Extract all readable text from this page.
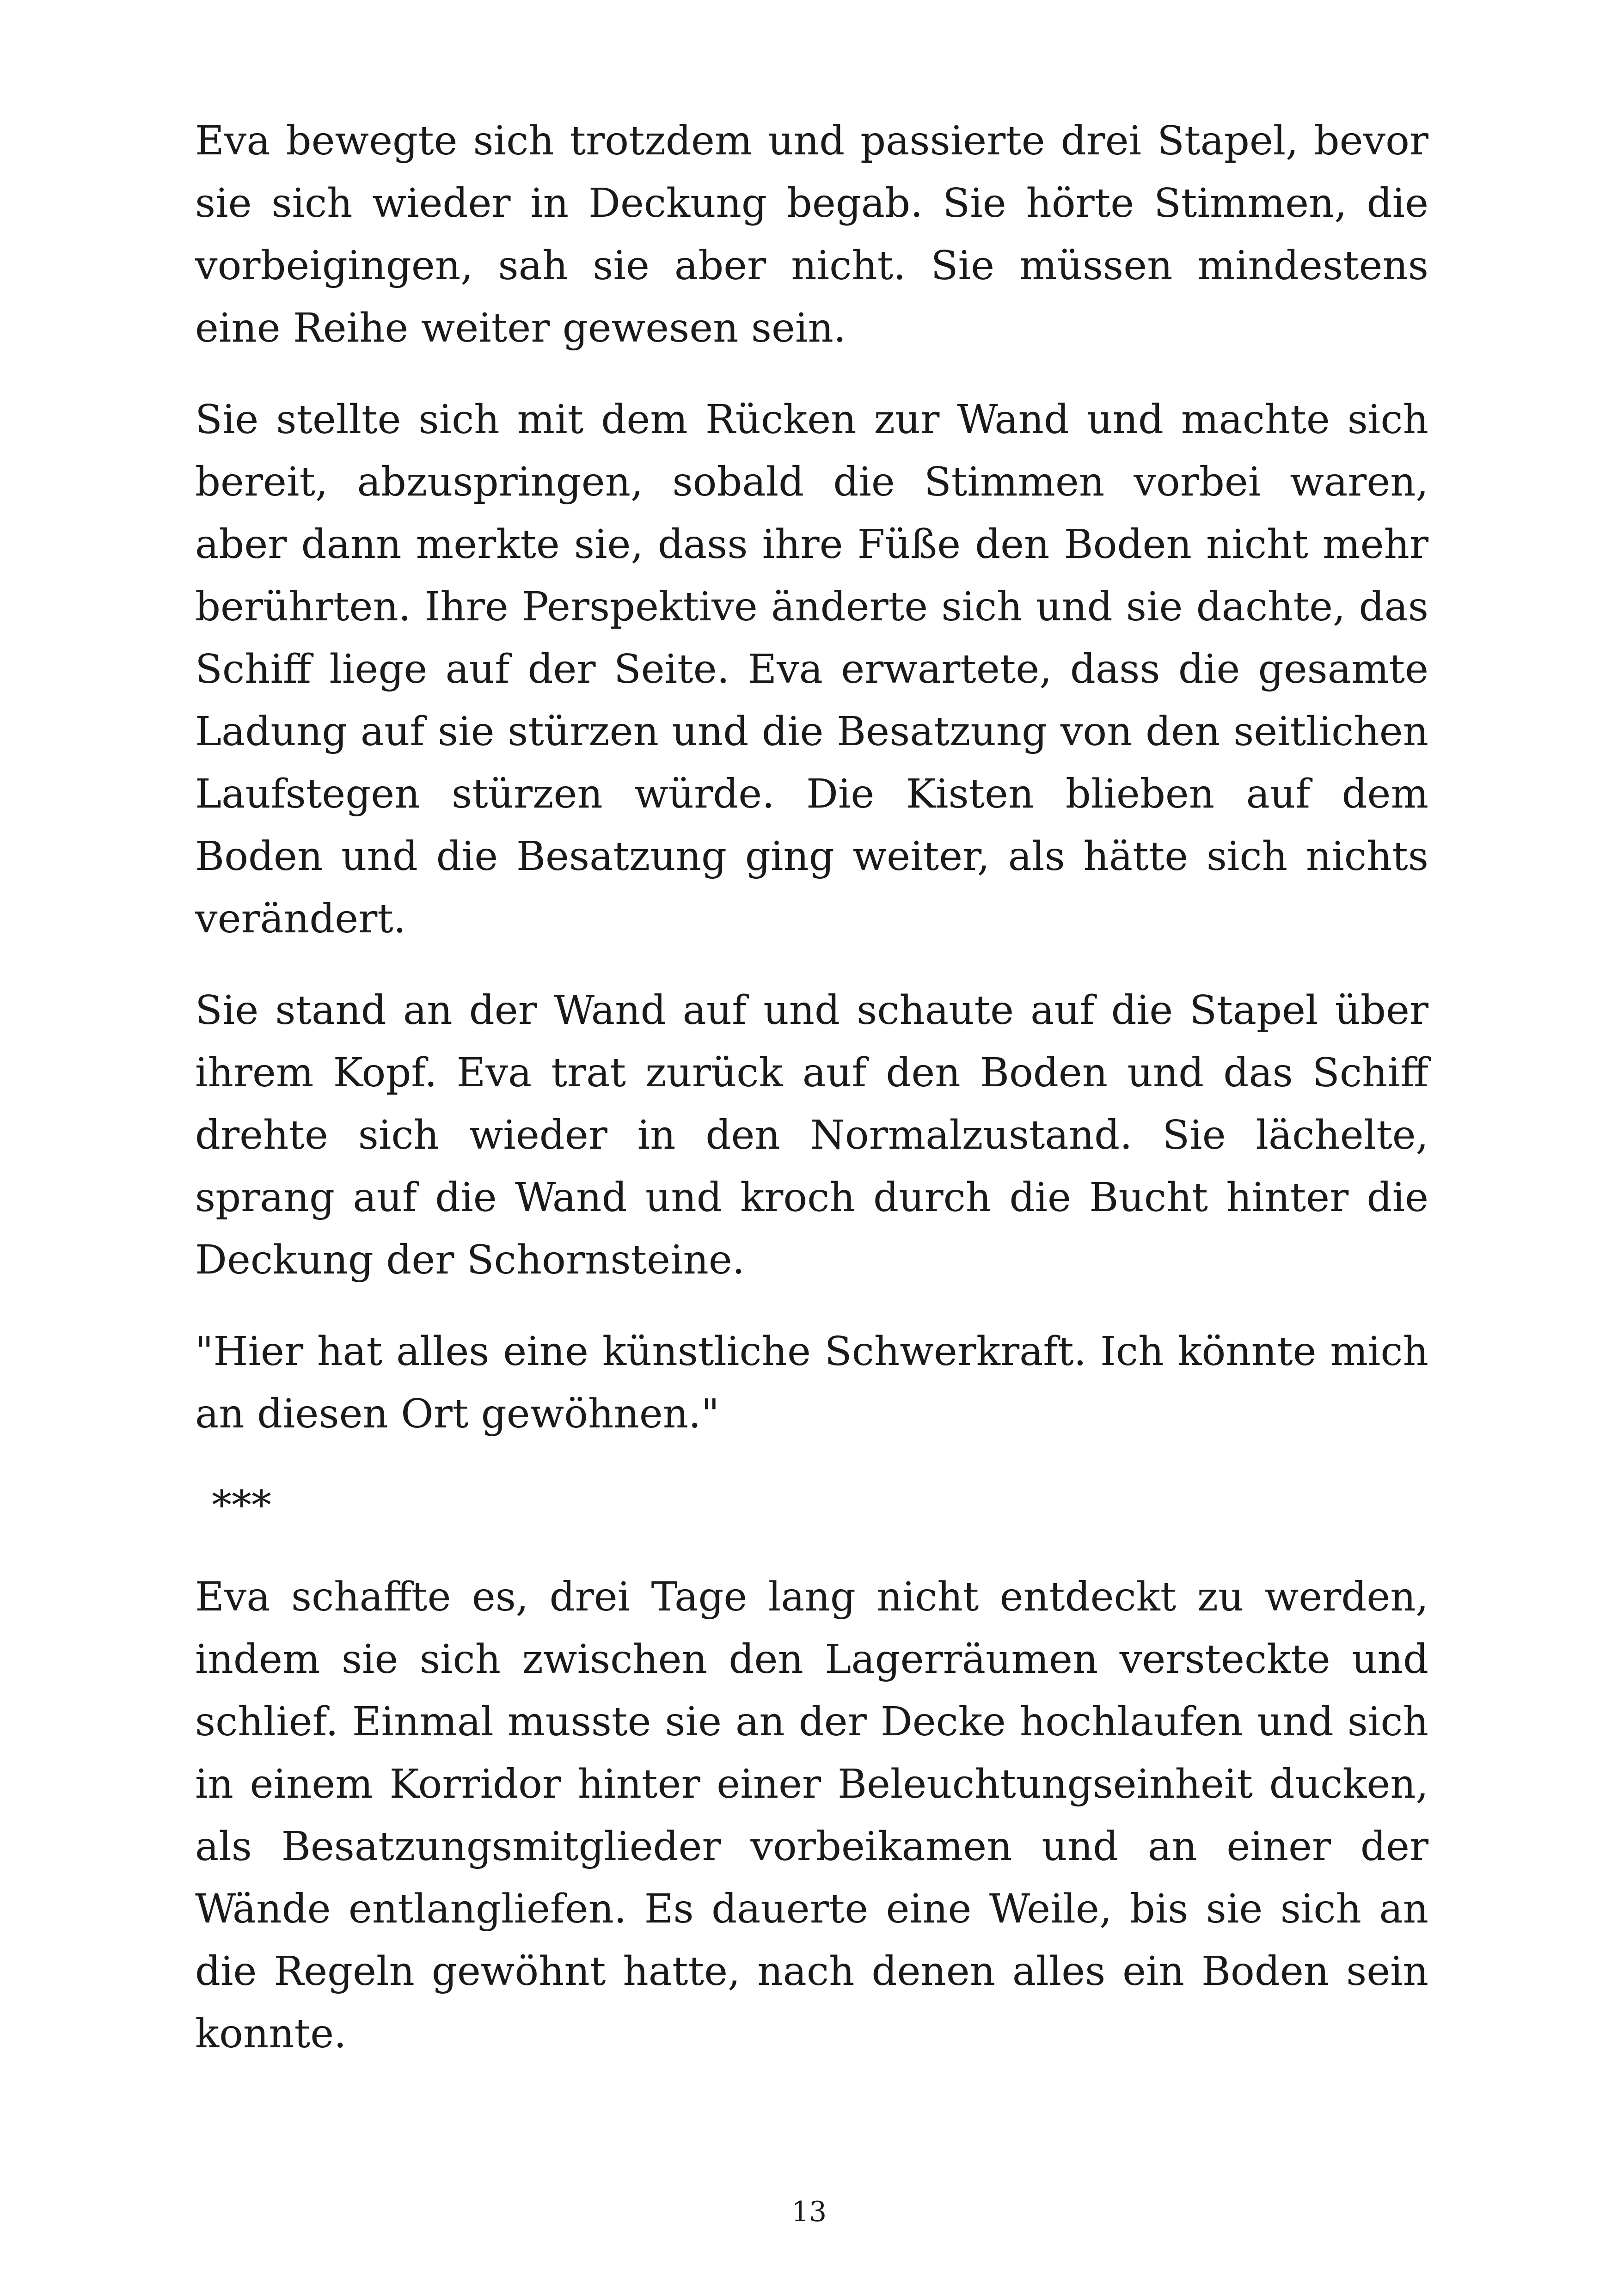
Eva bewegte sich trotzdem und passierte drei Stapel, bevor sie sich wieder in Deckung begab. Sie hörte Stimmen, die vorbeigingen, sah sie aber nicht. Sie müssen mindestens eine Reihe weiter gewesen sein.

Sie stellte sich mit dem Rücken zur Wand und machte sich bereit, abzuspringen, sobald die Stimmen vorbei waren, aber dann merkte sie, dass ihre Füße den Boden nicht mehr berührten. Ihre Perspektive änderte sich und sie dachte, das Schiff liege auf der Seite. Eva erwartete, dass die gesamte Ladung auf sie stürzen und die Besatzung von den seitlichen Laufstegen stürzen würde. Die Kisten blieben auf dem Boden und die Besatzung ging weiter, als hätte sich nichts verändert.

Sie stand an der Wand auf und schaute auf die Stapel über ihrem Kopf. Eva trat zurück auf den Boden und das Schiff drehte sich wieder in den Normalzustand. Sie lächelte, sprang auf die Wand und kroch durch die Bucht hinter die Deckung der Schornsteine.

"Hier hat alles eine künstliche Schwerkraft. Ich könnte mich an diesen Ort gewöhnen."

***

Eva schaffte es, drei Tage lang nicht entdeckt zu werden, indem sie sich zwischen den Lagerräumen versteckte und schlief. Einmal musste sie an der Decke hochlaufen und sich in einem Korridor hinter einer Beleuchtungseinheit ducken, als Besatzungsmitglieder vorbeikamen und an einer der Wände entlangliefen. Es dauerte eine Weile, bis sie sich an die Regeln gewöhnt hatte, nach denen alles ein Boden sein konnte.

13
